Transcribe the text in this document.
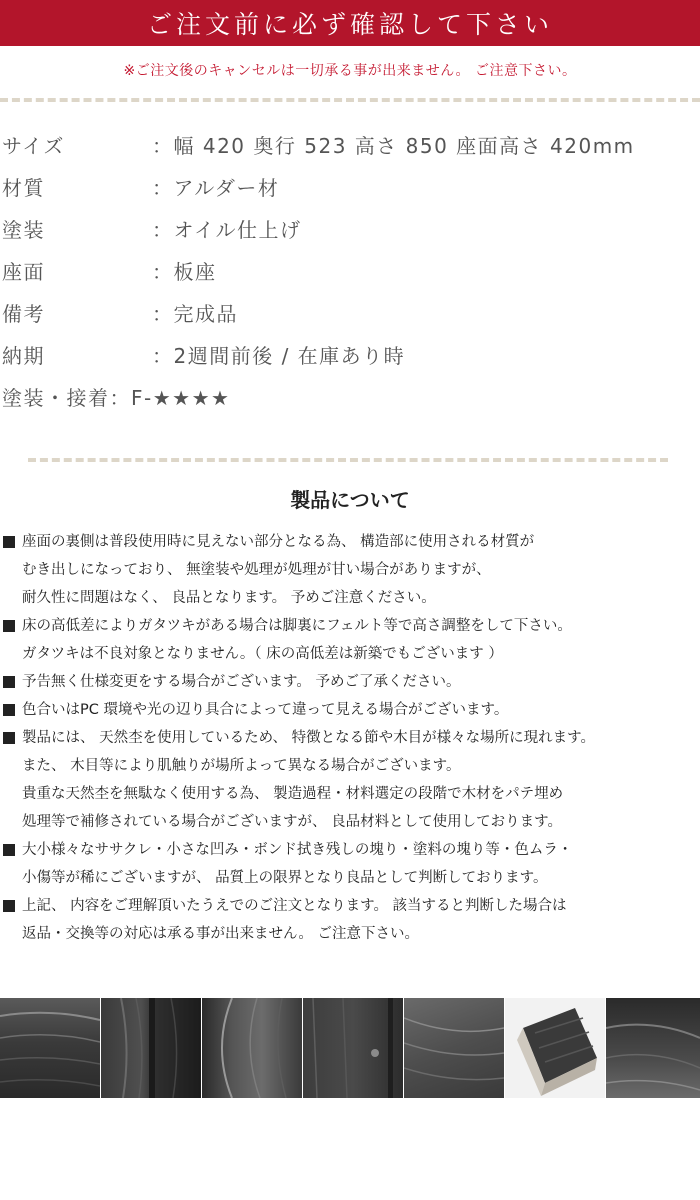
ご注文前に必ず確認して下さい
※ご注文後のキャンセルは一切承る事が出来ません。 ご注意下さい。
サイズ	：幅 420 奥行 523 高さ 850 座面高さ 420mm
材質	：アルダー材
塗装	：オイル仕上げ
座面	：板座
備考	：完成品
納期	：2週間前後 / 在庫あり時
塗装・接着 ：F-★★★★
製品について
座面の裏側は普段使用時に見えない部分となる為、 構造部に使用される材質が
むき出しになっており、 無塗装や処理が処理が甘い場合がありますが、
耐久性に問題はなく、 良品となります。 予めご注意ください。
床の高低差によりガタツキがある場合は脚裏にフェルト等で高さ調整をして下さい。
ガタツキは不良対象となりません。（ 床の高低差は新築でもございます ）
予告無く仕様変更をする場合がございます。 予めご了承ください。
色合いはPC 環境や光の辺り具合によって違って見える場合がございます。
製品には、 天然杢を使用しているため、 特徴となる節や木目が様々な場所に現れます。
また、 木目等により肌触りが場所よって異なる場合がございます。
貴重な天然杢を無駄なく使用する為、 製造過程・材料選定の段階で木材をパテ埋め
処理等で補修されている場合がございますが、 良品材料として使用しております。
大小様々なササクレ・小さな凹み・ボンド拭き残しの塊り・塗料の塊り等・色ムラ・
小傷等が稀にございますが、 品質上の限界となり良品として判断しております。
上記、 内容をご理解頂いたうえでのご注文となります。 該当すると判断した場合は
返品・交換等の対応は承る事が出来ません。 ご注意下さい。
